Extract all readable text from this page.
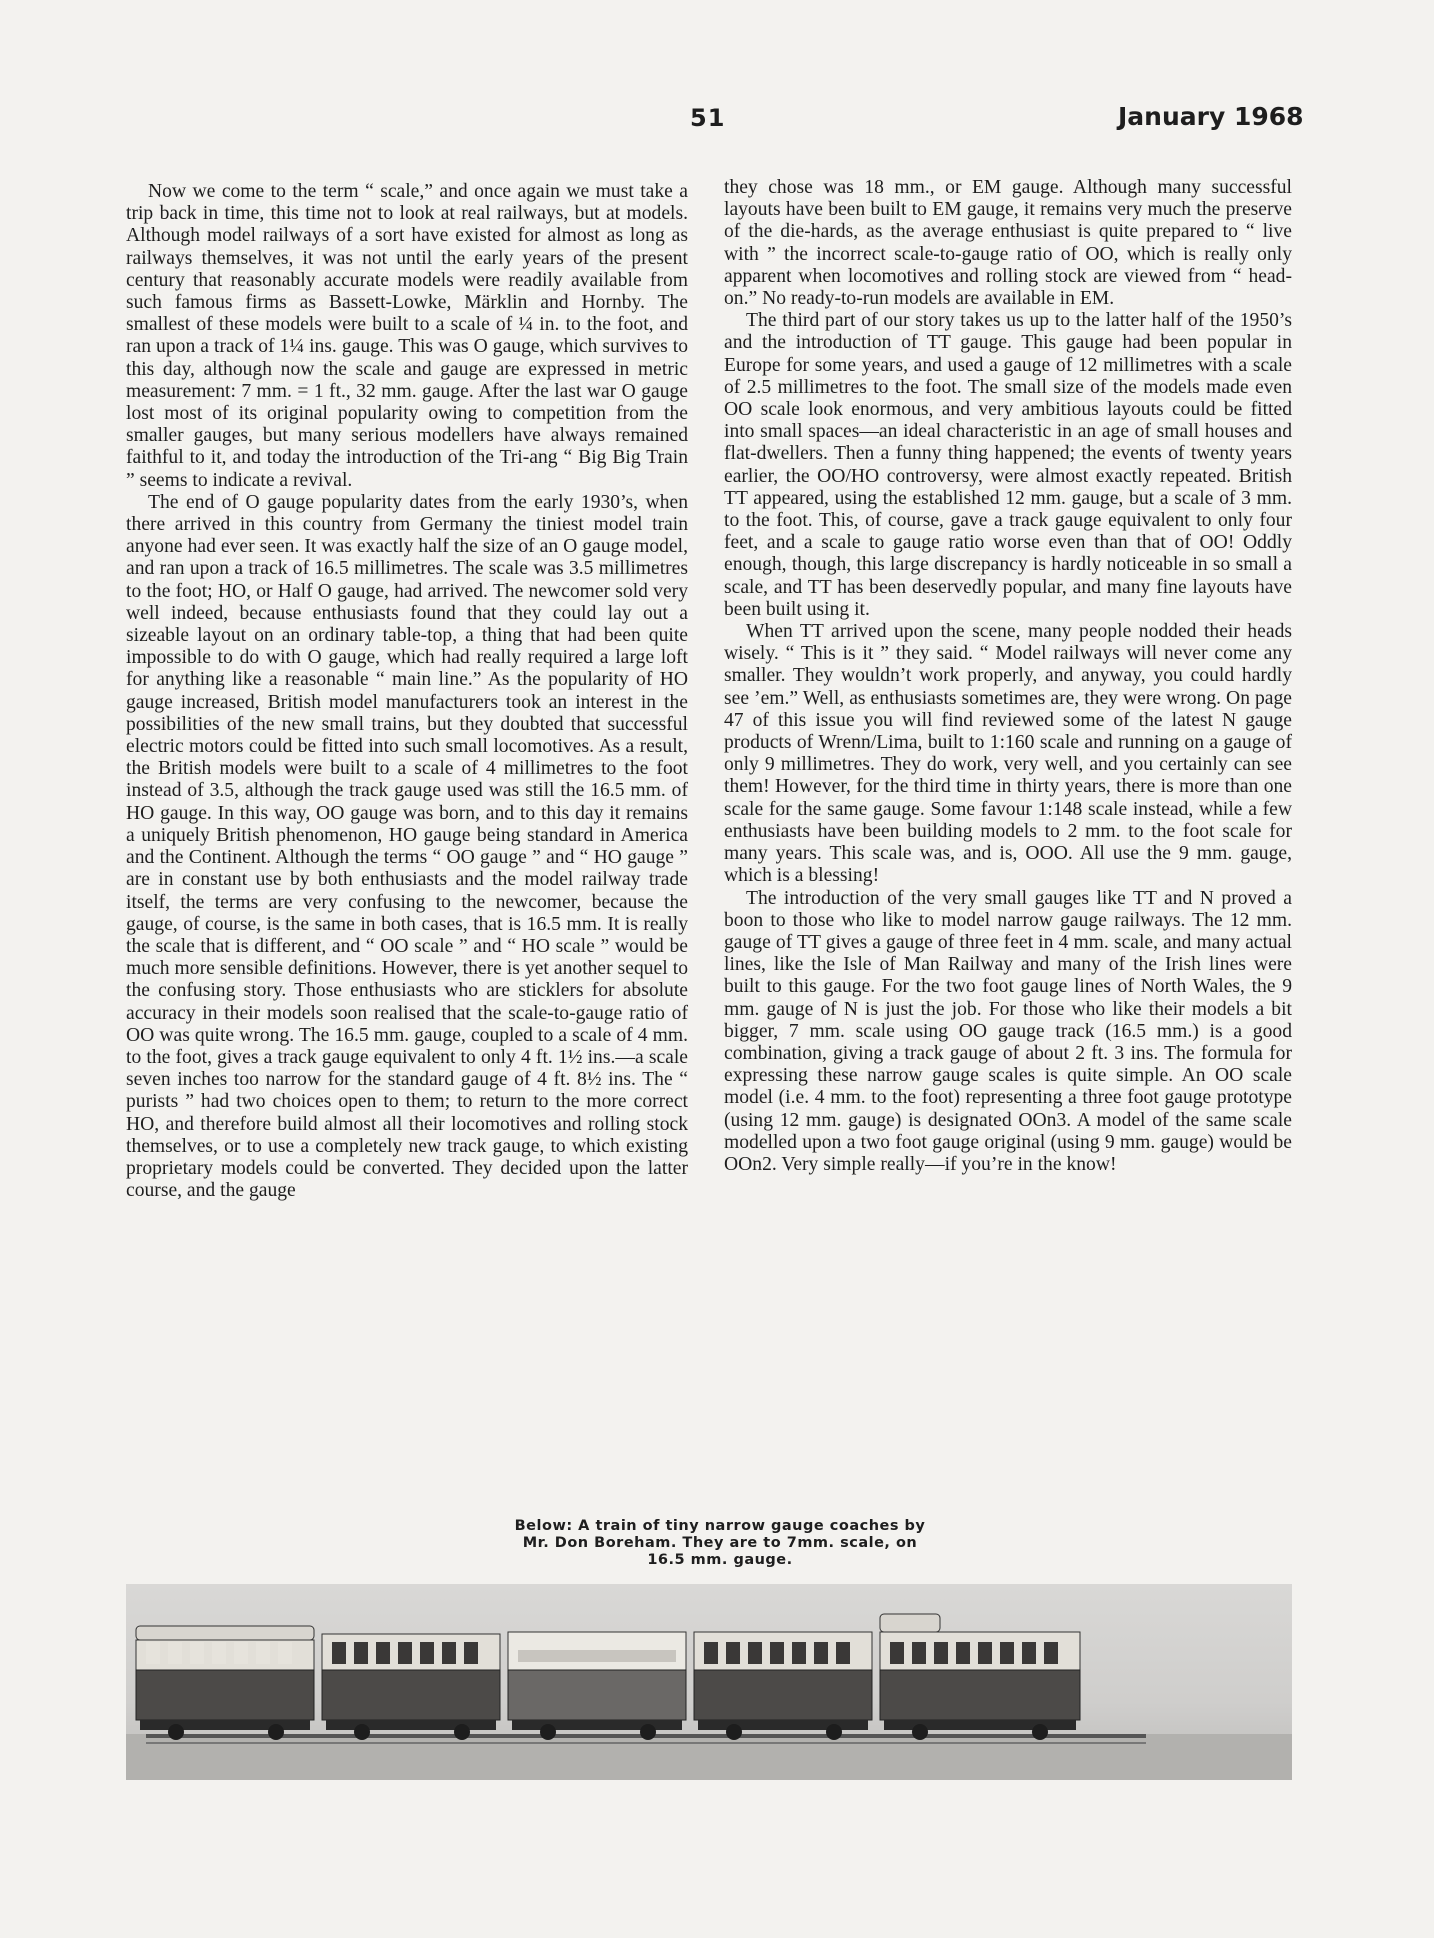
51	January 1968

Now we come to the term “ scale,” and once again we must take a trip back in time, this time not to look at real railways, but at models. Although model railways of a sort have existed for almost as long as railways themselves, it was not until the early years of the present century that reasonably accurate models were readily available from such famous firms as Bassett-Lowke, Märklin and Hornby. The smallest of these models were built to a scale of ¼ in. to the foot, and ran upon a track of 1¼ ins. gauge. This was O gauge, which survives to this day, although now the scale and gauge are expressed in metric measurement: 7 mm. = 1 ft., 32 mm. gauge. After the last war O gauge lost most of its original popularity owing to competition from the smaller gauges, but many serious modellers have always remained faithful to it, and today the introduction of the Tri-ang “ Big Big Train ” seems to indicate a revival.

The end of O gauge popularity dates from the early 1930’s, when there arrived in this country from Germany the tiniest model train anyone had ever seen. It was exactly half the size of an O gauge model, and ran upon a track of 16.5 millimetres. The scale was 3.5 millimetres to the foot; HO, or Half O gauge, had arrived. The newcomer sold very well indeed, because enthusiasts found that they could lay out a sizeable layout on an ordinary table-top, a thing that had been quite impossible to do with O gauge, which had really required a large loft for anything like a reasonable “ main line.” As the popularity of HO gauge increased, British model manufacturers took an interest in the possibilities of the new small trains, but they doubted that successful electric motors could be fitted into such small locomotives. As a result, the British models were built to a scale of 4 millimetres to the foot instead of 3.5, although the track gauge used was still the 16.5 mm. of HO gauge. In this way, OO gauge was born, and to this day it remains a uniquely British phenomenon, HO gauge being standard in America and the Continent. Although the terms “ OO gauge ” and “ HO gauge ” are in constant use by both enthusiasts and the model railway trade itself, the terms are very confusing to the newcomer, because the gauge, of course, is the same in both cases, that is 16.5 mm. It is really the scale that is different, and “ OO scale ” and “ HO scale ” would be much more sensible definitions. However, there is yet another sequel to the confusing story. Those enthusiasts who are sticklers for absolute accuracy in their models soon realised that the scale-to-gauge ratio of OO was quite wrong. The 16.5 mm. gauge, coupled to a scale of 4 mm. to the foot, gives a track gauge equivalent to only 4 ft. 1½ ins.—a scale seven inches too narrow for the standard gauge of 4 ft. 8½ ins. The “ purists ” had two choices open to them; to return to the more correct HO, and therefore build almost all their locomotives and rolling stock themselves, or to use a completely new track gauge, to which existing proprietary models could be converted. They decided upon the latter course, and the gauge

they chose was 18 mm., or EM gauge. Although many successful layouts have been built to EM gauge, it remains very much the preserve of the die-hards, as the average enthusiast is quite prepared to “ live with ” the incorrect scale-to-gauge ratio of OO, which is really only apparent when locomotives and rolling stock are viewed from “ head-on.” No ready-to-run models are available in EM.

The third part of our story takes us up to the latter half of the 1950’s and the introduction of TT gauge. This gauge had been popular in Europe for some years, and used a gauge of 12 millimetres with a scale of 2.5 millimetres to the foot. The small size of the models made even OO scale look enormous, and very ambitious layouts could be fitted into small spaces—an ideal characteristic in an age of small houses and flat-dwellers. Then a funny thing happened; the events of twenty years earlier, the OO/HO controversy, were almost exactly repeated. British TT appeared, using the established 12 mm. gauge, but a scale of 3 mm. to the foot. This, of course, gave a track gauge equivalent to only four feet, and a scale to gauge ratio worse even than that of OO! Oddly enough, though, this large discrepancy is hardly noticeable in so small a scale, and TT has been deservedly popular, and many fine layouts have been built using it.

When TT arrived upon the scene, many people nodded their heads wisely. “ This is it ” they said. “ Model railways will never come any smaller. They wouldn’t work properly, and anyway, you could hardly see ’em.” Well, as enthusiasts sometimes are, they were wrong. On page 47 of this issue you will find reviewed some of the latest N gauge products of Wrenn/Lima, built to 1:160 scale and running on a gauge of only 9 millimetres. They do work, very well, and you certainly can see them! However, for the third time in thirty years, there is more than one scale for the same gauge. Some favour 1:148 scale instead, while a few enthusiasts have been building models to 2 mm. to the foot scale for many years. This scale was, and is, OOO. All use the 9 mm. gauge, which is a blessing!

The introduction of the very small gauges like TT and N proved a boon to those who like to model narrow gauge railways. The 12 mm. gauge of TT gives a gauge of three feet in 4 mm. scale, and many actual lines, like the Isle of Man Railway and many of the Irish lines were built to this gauge. For the two foot gauge lines of North Wales, the 9 mm. gauge of N is just the job. For those who like their models a bit bigger, 7 mm. scale using OO gauge track (16.5 mm.) is a good combination, giving a track gauge of about 2 ft. 3 ins. The formula for expressing these narrow gauge scales is quite simple. An OO scale model (i.e. 4 mm. to the foot) representing a three foot gauge prototype (using 12 mm. gauge) is designated OOn3. A model of the same scale modelled upon a two foot gauge original (using 9 mm. gauge) would be OOn2. Very simple really—if you’re in the know!

Below: A train of tiny narrow gauge coaches by
Mr. Don Boreham. They are to 7mm. scale, on
16.5 mm. gauge.
